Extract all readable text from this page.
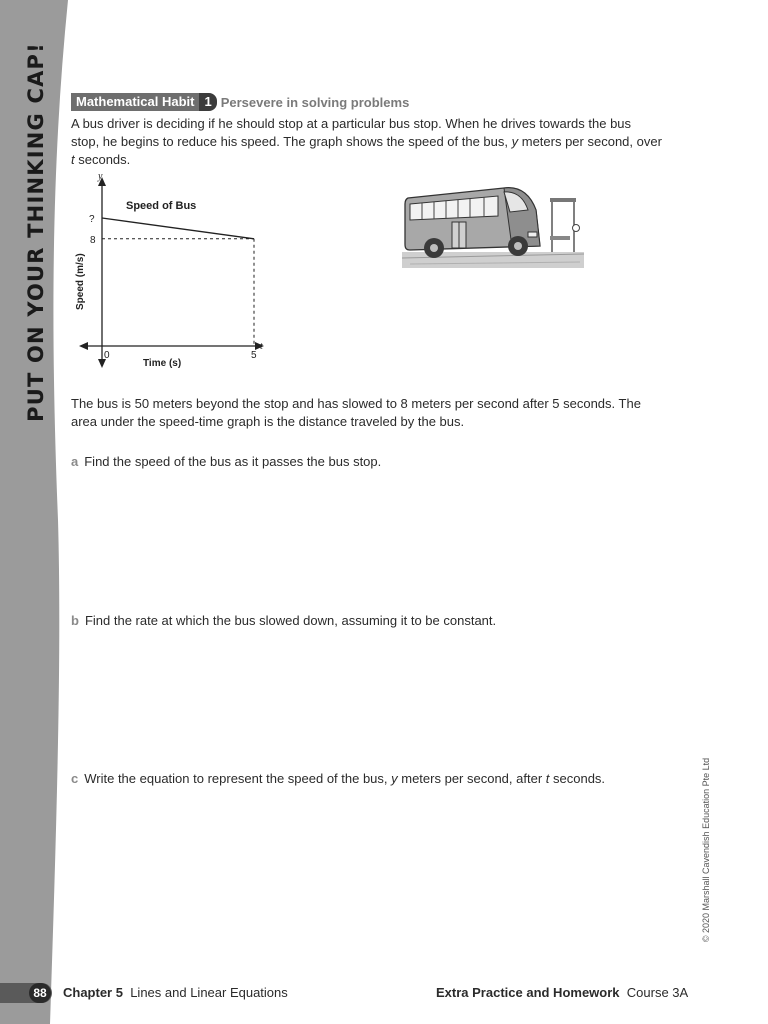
PUT ON YOUR THINKING CAP!	Mathematical Habit 1 Persevere in solving problems
A bus driver is deciding if he should stop at a particular bus stop. When he drives towards the bus
stop, he begins to reduce his speed. The graph shows the speed of the bus, y meters per second, over
t seconds.
y
t
Speed of Bus
Speed (m/s)
Time (s)
0	5
?
8
The bus is 50 meters beyond the stop and has slowed to 8 meters per second after 5 seconds. The
area under the speed-time graph is the distance traveled by the bus.
a Find the speed of the bus as it passes the bus stop.
b Find the rate at which the bus slowed down, assuming it to be constant.
c Write the equation to represent the speed of the bus, y meters per second, after t seconds.	© 2020 Marshall Cavendish Education Pte Ltd
88	Chapter 5 Lines and Linear Equations	Extra Practice and Homework Course 3A
